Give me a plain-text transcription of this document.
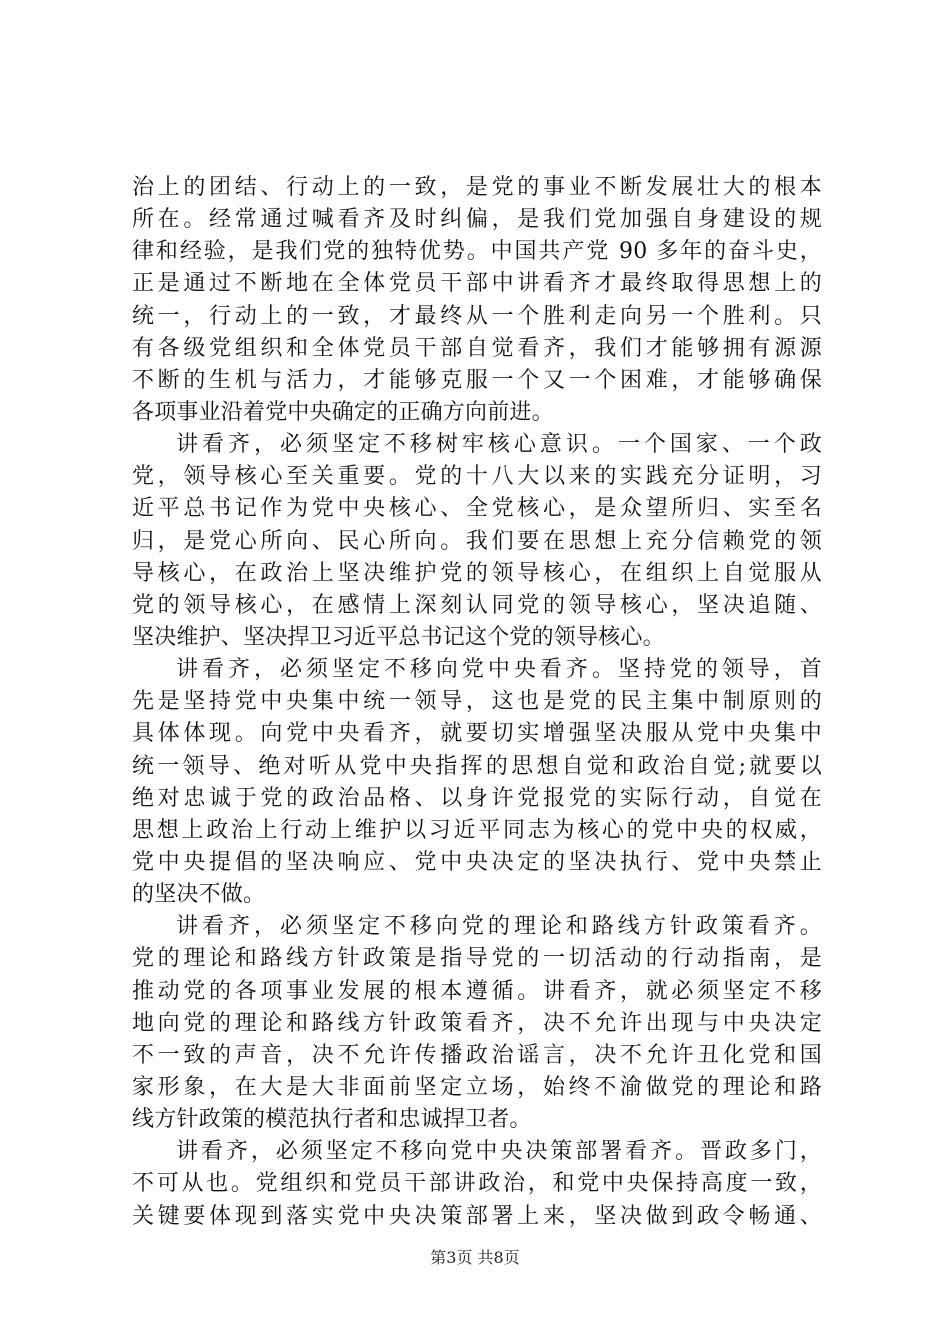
治上的团结、行动上的一致，是党的事业不断发展壮大的根本
所在。经常通过喊看齐及时纠偏，是我们党加强自身建设的规
律和经验，是我们党的独特优势。中国共产党 90 多年的奋斗史，
正是通过不断地在全体党员干部中讲看齐才最终取得思想上的
统一，行动上的一致，才最终从一个胜利走向另一个胜利。只
有各级党组织和全体党员干部自觉看齐，我们才能够拥有源源
不断的生机与活力，才能够克服一个又一个困难，才能够确保
各项事业沿着党中央确定的正确方向前进。
讲看齐，必须坚定不移树牢核心意识。一个国家、一个政
党，领导核心至关重要。党的十八大以来的实践充分证明，习
近平总书记作为党中央核心、全党核心，是众望所归、实至名
归，是党心所向、民心所向。我们要在思想上充分信赖党的领
导核心，在政治上坚决维护党的领导核心，在组织上自觉服从
党的领导核心，在感情上深刻认同党的领导核心，坚决追随、
坚决维护、坚决捍卫习近平总书记这个党的领导核心。
讲看齐，必须坚定不移向党中央看齐。坚持党的领导，首
先是坚持党中央集中统一领导，这也是党的民主集中制原则的
具体体现。向党中央看齐，就要切实增强坚决服从党中央集中
统一领导、绝对听从党中央指挥的思想自觉和政治自觉;就要以
绝对忠诚于党的政治品格、以身许党报党的实际行动，自觉在
思想上政治上行动上维护以习近平同志为核心的党中央的权威，
党中央提倡的坚决响应、党中央决定的坚决执行、党中央禁止
的坚决不做。
讲看齐，必须坚定不移向党的理论和路线方针政策看齐。
党的理论和路线方针政策是指导党的一切活动的行动指南，是
推动党的各项事业发展的根本遵循。讲看齐，就必须坚定不移
地向党的理论和路线方针政策看齐，决不允许出现与中央决定
不一致的声音，决不允许传播政治谣言，决不允许丑化党和国
家形象，在大是大非面前坚定立场，始终不渝做党的理论和路
线方针政策的模范执行者和忠诚捍卫者。
讲看齐，必须坚定不移向党中央决策部署看齐。晋政多门，
不可从也。党组织和党员干部讲政治，和党中央保持高度一致，
关键要体现到落实党中央决策部署上来，坚决做到政令畅通、
第3页 共8页
